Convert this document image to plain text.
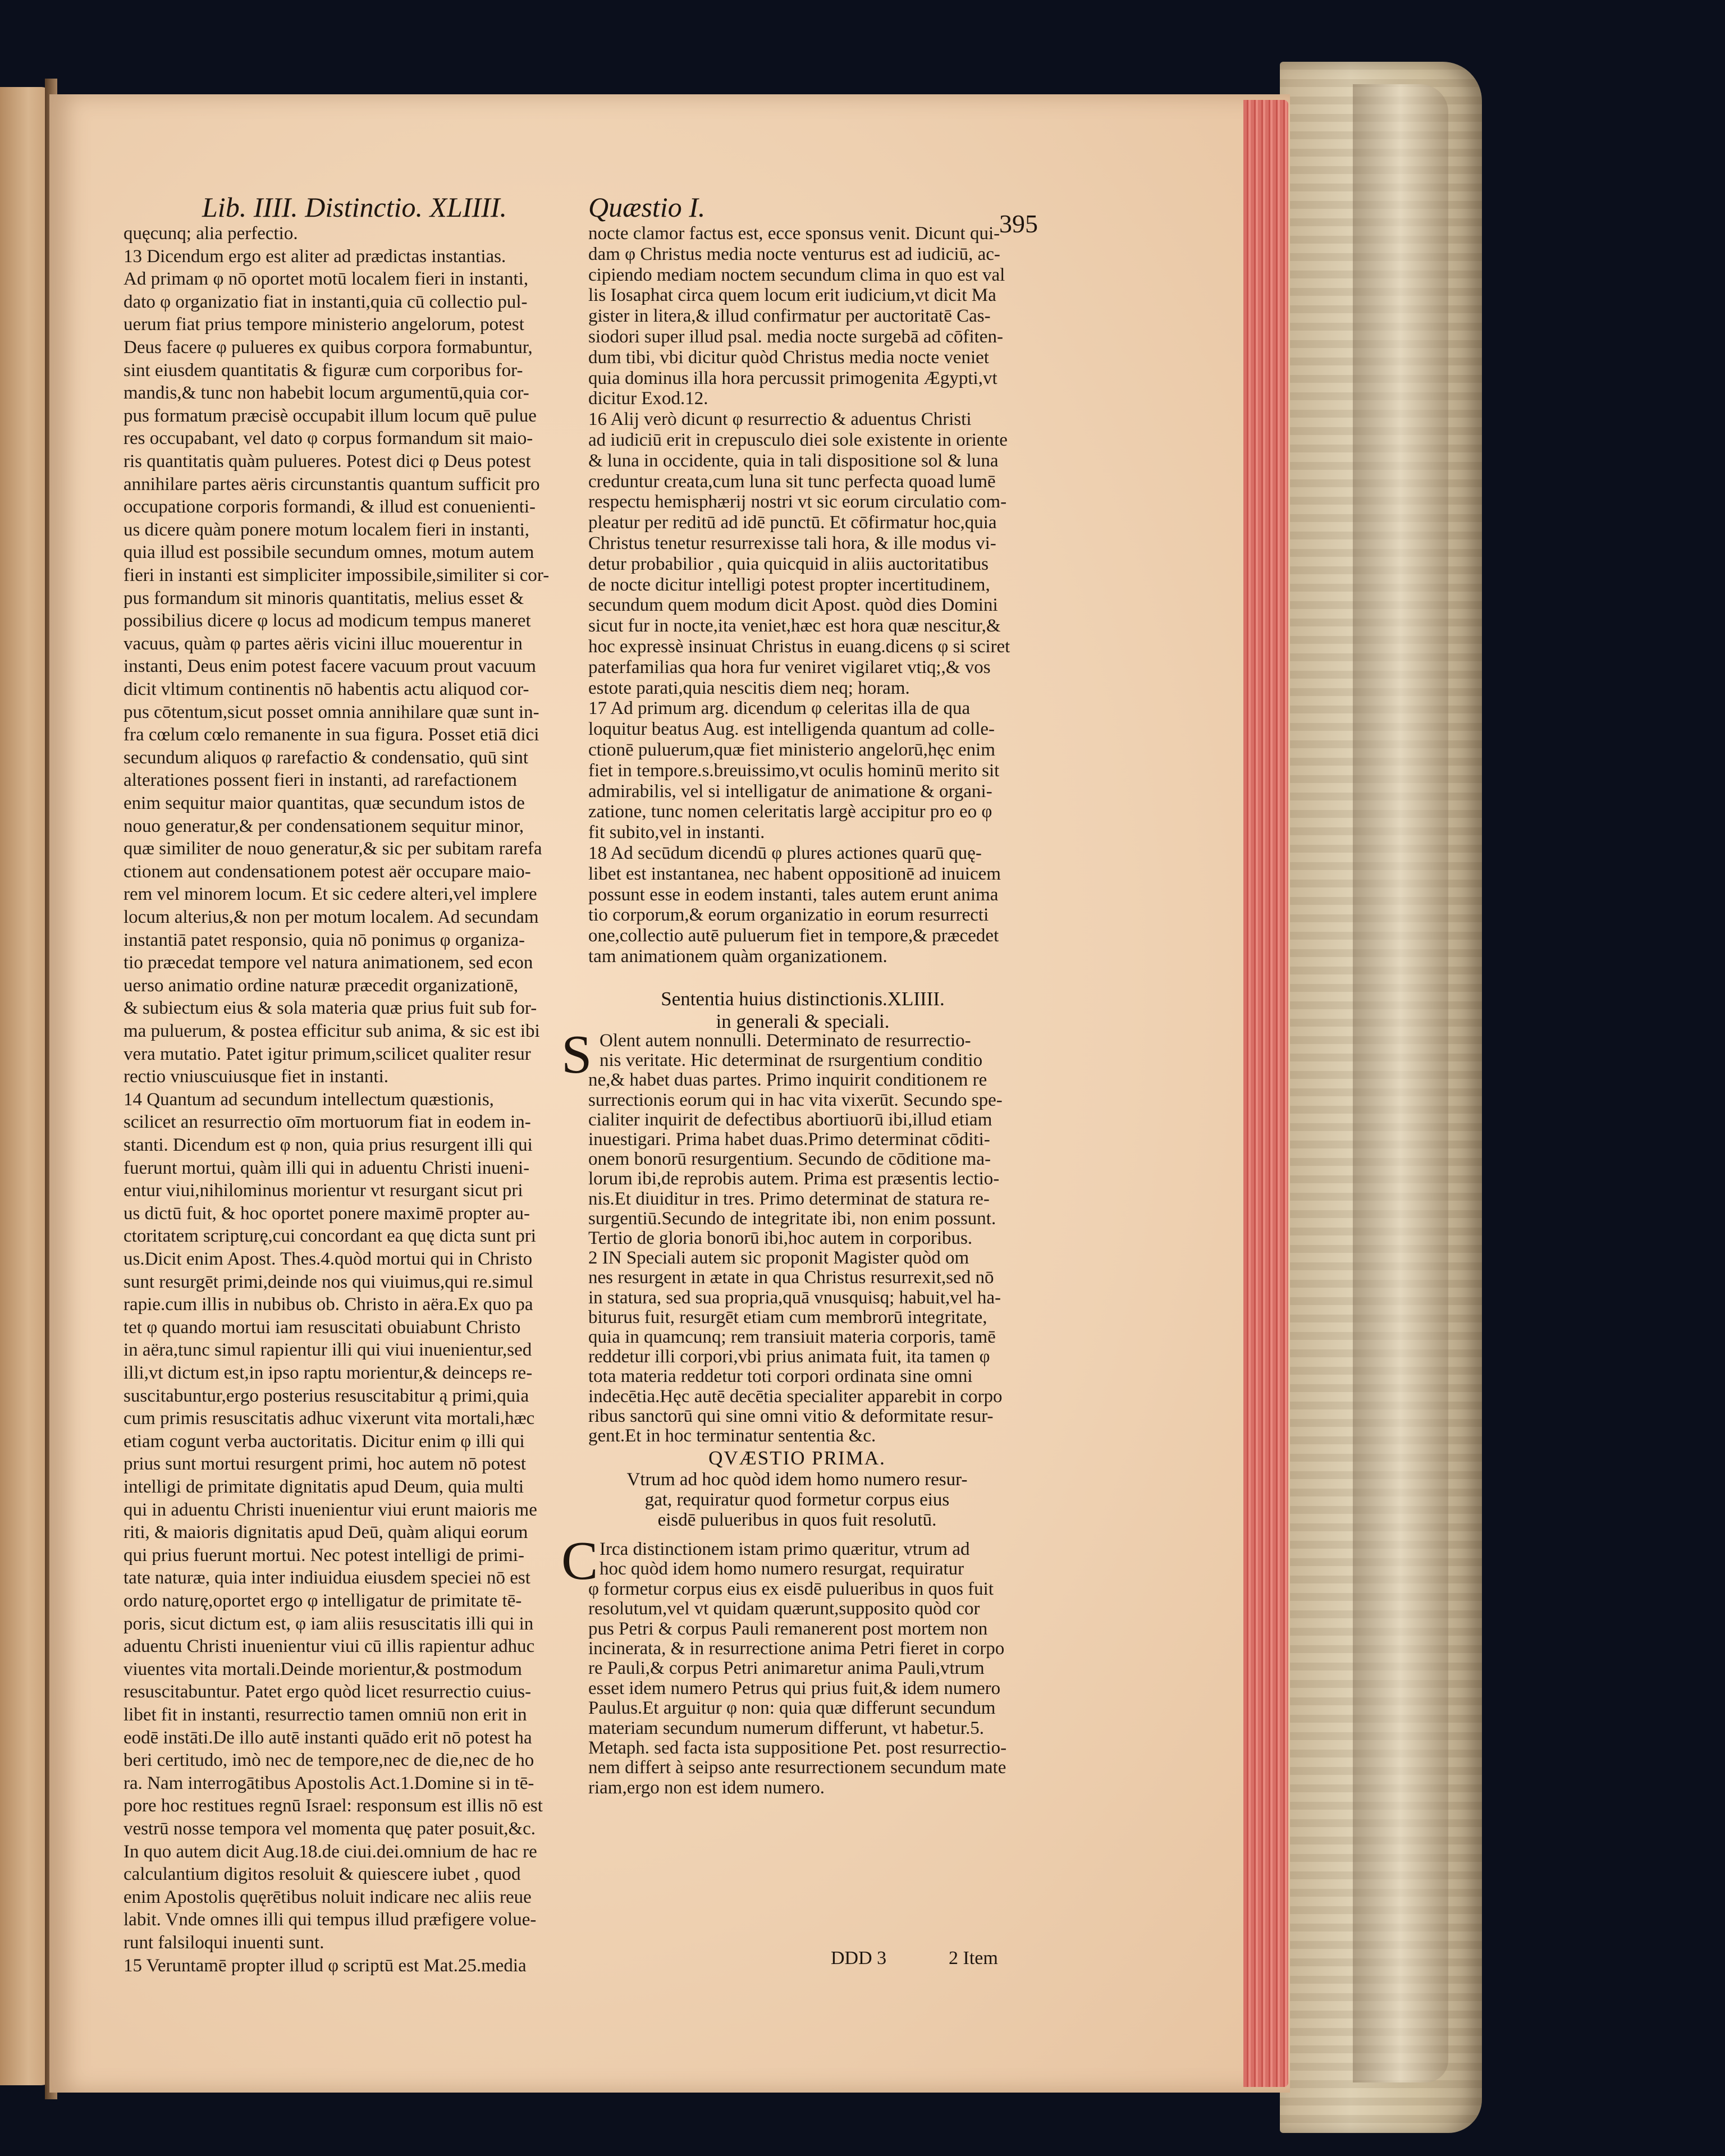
Lib. IIII. Distinctio. XLIIII.	Quæstio I.
395
quęcunq; alia perfectio.
13 Dicendum ergo est aliter ad prædictas instantias.
Ad primam φ nō oportet motū localem fieri in instanti,
dato φ organizatio fiat in instanti,quia cū collectio pul-
uerum fiat prius tempore ministerio angelorum, potest
Deus facere φ pulueres ex quibus corpora formabuntur,
sint eiusdem quantitatis & figuræ cum corporibus for-
mandis,& tunc non habebit locum argumentū,quia cor-
pus formatum præcisè occupabit illum locum quē pulue
res occupabant, vel dato φ corpus formandum sit maio-
ris quantitatis quàm pulueres. Potest dici φ Deus potest
annihilare partes aëris circunstantis quantum sufficit pro
occupatione corporis formandi, & illud est conuenienti-
us dicere quàm ponere motum localem fieri in instanti,
quia illud est possibile secundum omnes, motum autem
fieri in instanti est simpliciter impossibile,similiter si cor-
pus formandum sit minoris quantitatis, melius esset &
possibilius dicere φ locus ad modicum tempus maneret
vacuus, quàm φ partes aëris vicini illuc mouerentur in
instanti, Deus enim potest facere vacuum prout vacuum
dicit vltimum continentis nō habentis actu aliquod cor-
pus cōtentum,sicut posset omnia annihilare quæ sunt in-
fra cœlum cœlo remanente in sua figura. Posset etiā dici
secundum aliquos φ rarefactio & condensatio, quū sint
alterationes possent fieri in instanti, ad rarefactionem
enim sequitur maior quantitas, quæ secundum istos de
nouo generatur,& per condensationem sequitur minor,
quæ similiter de nouo generatur,& sic per subitam rarefa
ctionem aut condensationem potest aër occupare maio-
rem vel minorem locum. Et sic cedere alteri,vel implere
locum alterius,& non per motum localem. Ad secundam
instantiā patet responsio, quia nō ponimus φ organiza-
tio præcedat tempore vel natura animationem, sed econ
uerso animatio ordine naturæ præcedit organizationē,
& subiectum eius & sola materia quæ prius fuit sub for-
ma puluerum, & postea efficitur sub anima, & sic est ibi
vera mutatio. Patet igitur primum,scilicet qualiter resur
rectio vniuscuiusque fiet in instanti.
14 Quantum ad secundum intellectum quæstionis,
scilicet an resurrectio oīm mortuorum fiat in eodem in-
stanti. Dicendum est φ non, quia prius resurgent illi qui
fuerunt mortui, quàm illi qui in aduentu Christi inueni-
entur viui,nihilominus morientur vt resurgant sicut pri
us dictū fuit, & hoc oportet ponere maximē propter au-
ctoritatem scripturę,cui concordant ea quę dicta sunt pri
us.Dicit enim Apost. Thes.4.quòd mortui qui in Christo
sunt resurgēt primi,deinde nos qui viuimus,qui re.simul
rapie.cum illis in nubibus ob. Christo in aëra.Ex quo pa
tet φ quando mortui iam resuscitati obuiabunt Christo
in aëra,tunc simul rapientur illi qui viui inuenientur,sed
illi,vt dictum est,in ipso raptu morientur,& deinceps re-
suscitabuntur,ergo posterius resuscitabitur ą primi,quia
cum primis resuscitatis adhuc vixerunt vita mortali,hæc
etiam cogunt verba auctoritatis. Dicitur enim φ illi qui
prius sunt mortui resurgent primi, hoc autem nō potest
intelligi de primitate dignitatis apud Deum, quia multi
qui in aduentu Christi inuenientur viui erunt maioris me
riti, & maioris dignitatis apud Deū, quàm aliqui eorum
qui prius fuerunt mortui. Nec potest intelligi de primi-
tate naturæ, quia inter indiuidua eiusdem speciei nō est
ordo naturę,oportet ergo φ intelligatur de primitate tē-
poris, sicut dictum est, φ iam aliis resuscitatis illi qui in
aduentu Christi inuenientur viui cū illis rapientur adhuc
viuentes vita mortali.Deinde morientur,& postmodum
resuscitabuntur. Patet ergo quòd licet resurrectio cuius-
libet fit in instanti, resurrectio tamen omniū non erit in
eodē instāti.De illo autē instanti quādo erit nō potest ha
beri certitudo, imò nec de tempore,nec de die,nec de ho
ra. Nam interrogātibus Apostolis Act.1.Domine si in tē-
pore hoc restitues regnū Israel: responsum est illis nō est
vestrū nosse tempora vel momenta quę pater posuit,&c.
In quo autem dicit Aug.18.de ciui.dei.omnium de hac re
calculantium digitos resoluit & quiescere iubet , quod
enim Apostolis quęrētibus noluit indicare nec aliis reue
labit. Vnde omnes illi qui tempus illud præfigere volue-
runt falsiloqui inuenti sunt.
15 Veruntamē propter illud φ scriptū est Mat.25.media
nocte clamor factus est, ecce sponsus venit. Dicunt qui-
dam φ Christus media nocte venturus est ad iudiciū, ac-
cipiendo mediam noctem secundum clima in quo est val
lis Iosaphat circa quem locum erit iudicium,vt dicit Ma
gister in litera,& illud confirmatur per auctoritatē Cas-
siodori super illud psal. media nocte surgebā ad cōfiten-
dum tibi, vbi dicitur quòd Christus media nocte veniet
quia dominus illa hora percussit primogenita Ægypti,vt
dicitur Exod.12.
16 Alij verò dicunt φ resurrectio & aduentus Christi
ad iudiciū erit in crepusculo diei sole existente in oriente
& luna in occidente, quia in tali dispositione sol & luna
creduntur creata,cum luna sit tunc perfecta quoad lumē
respectu hemisphærij nostri vt sic eorum circulatio com-
pleatur per reditū ad idē punctū. Et cōfirmatur hoc,quia
Christus tenetur resurrexisse tali hora, & ille modus vi-
detur probabilior , quia quicquid in aliis auctoritatibus
de nocte dicitur intelligi potest propter incertitudinem,
secundum quem modum dicit Apost. quòd dies Domini
sicut fur in nocte,ita veniet,hæc est hora quæ nescitur,&
hoc expressè insinuat Christus in euang.dicens φ si sciret
paterfamilias qua hora fur veniret vigilaret vtiq;,& vos
estote parati,quia nescitis diem neq; horam.
17 Ad primum arg. dicendum φ celeritas illa de qua
loquitur beatus Aug. est intelligenda quantum ad colle-
ctionē puluerum,quæ fiet ministerio angelorū,hęc enim
fiet in tempore.s.breuissimo,vt oculis hominū merito sit
admirabilis, vel si intelligatur de animatione & organi-
zatione, tunc nomen celeritatis largè accipitur pro eo φ
fit subito,vel in instanti.
18 Ad secūdum dicendū φ plures actiones quarū quę-
libet est instantanea, nec habent oppositionē ad inuicem
possunt esse in eodem instanti, tales autem erunt anima
tio corporum,& eorum organizatio in eorum resurrecti
one,collectio autē puluerum fiet in tempore,& præcedet
tam animationem quàm organizationem.
Sententia huius distinctionis.XLIIII.
in generali & speciali.
S Olent autem nonnulli. Determinato de resurrectio-
nis veritate. Hic determinat de rsurgentium conditio
ne,& habet duas partes. Primo inquirit conditionem re
surrectionis eorum qui in hac vita vixerūt. Secundo spe-
cialiter inquirit de defectibus abortiuorū ibi,illud etiam
inuestigari. Prima habet duas.Primo determinat cōditi-
onem bonorū resurgentium. Secundo de cōditione ma-
lorum ibi,de reprobis autem. Prima est præsentis lectio-
nis.Et diuiditur in tres. Primo determinat de statura re-
surgentiū.Secundo de integritate ibi, non enim possunt.
Tertio de gloria bonorū ibi,hoc autem in corporibus.
2 IN Speciali autem sic proponit Magister quòd om
nes resurgent in ætate in qua Christus resurrexit,sed nō
in statura, sed sua propria,quā vnusquisq; habuit,vel ha-
biturus fuit, resurgēt etiam cum membrorū integritate,
quia in quamcunq; rem transiuit materia corporis, tamē
reddetur illi corpori,vbi prius animata fuit, ita tamen φ
tota materia reddetur toti corpori ordinata sine omni
indecētia.Hęc autē decētia specialiter apparebit in corpo
ribus sanctorū qui sine omni vitio & deformitate resur-
gent.Et in hoc terminatur sententia &c.
QVÆSTIO PRIMA.
Vtrum ad hoc quòd idem homo numero resur-
gat, requiratur quod formetur corpus eius
eisdē pulueribus in quos fuit resolutū.
C Irca distinctionem istam primo quæritur, vtrum ad
hoc quòd idem homo numero resurgat, requiratur
φ formetur corpus eius ex eisdē pulueribus in quos fuit
resolutum,vel vt quidam quærunt,supposito quòd cor
pus Petri & corpus Pauli remanerent post mortem non
incinerata, & in resurrectione anima Petri fieret in corpo
re Pauli,& corpus Petri animaretur anima Pauli,vtrum
esset idem numero Petrus qui prius fuit,& idem numero
Paulus.Et arguitur φ non: quia quæ differunt secundum
materiam secundum numerum differunt, vt habetur.5.
Metaph. sed facta ista suppositione Pet. post resurrectio-
nem differt à seipso ante resurrectionem secundum mate
riam,ergo non est idem numero.
DDD 3	2 Item
